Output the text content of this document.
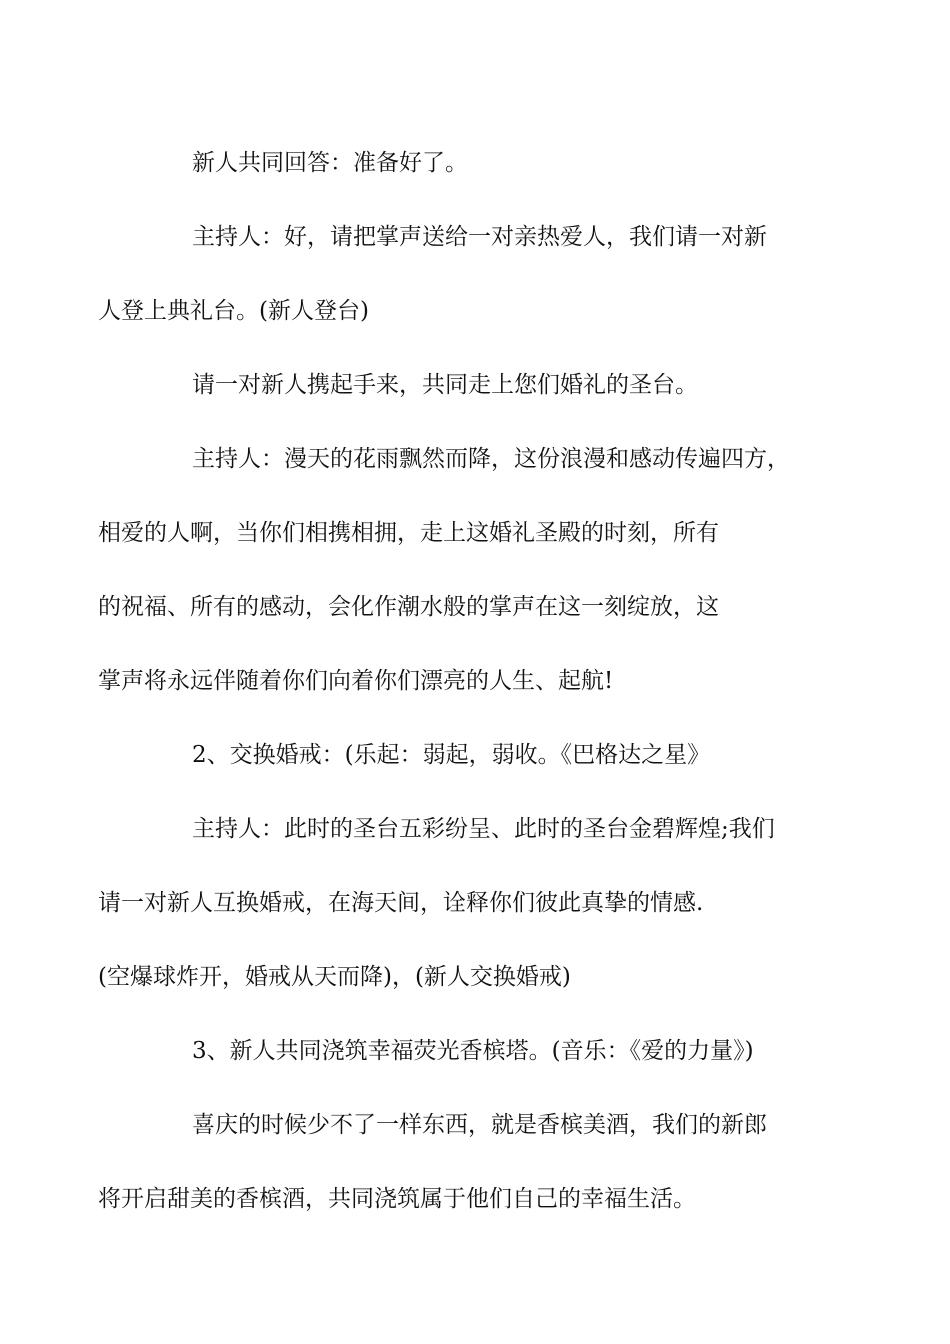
新人共同回答：准备好了。

主持人：好，请把掌声送给一对亲热爱人，我们请一对新
人登上典礼台。(新人登台)

请一对新人携起手来，共同走上您们婚礼的圣台。

主持人：漫天的花雨飘然而降，这份浪漫和感动传遍四方，
相爱的人啊，当你们相携相拥，走上这婚礼圣殿的时刻，所有
的祝福、所有的感动，会化作潮水般的掌声在这一刻绽放，这
掌声将永远伴随着你们向着你们漂亮的人生、起航!

2、交换婚戒：(乐起：弱起，弱收。《巴格达之星》

主持人：此时的圣台五彩纷呈、此时的圣台金碧辉煌;我们
请一对新人互换婚戒，在海天间，诠释你们彼此真挚的情感.
(空爆球炸开，婚戒从天而降)，(新人交换婚戒)

3、新人共同浇筑幸福荧光香槟塔。(音乐：《爱的力量》)

喜庆的时候少不了一样东西，就是香槟美酒，我们的新郎
将开启甜美的香槟酒，共同浇筑属于他们自己的幸福生活。
